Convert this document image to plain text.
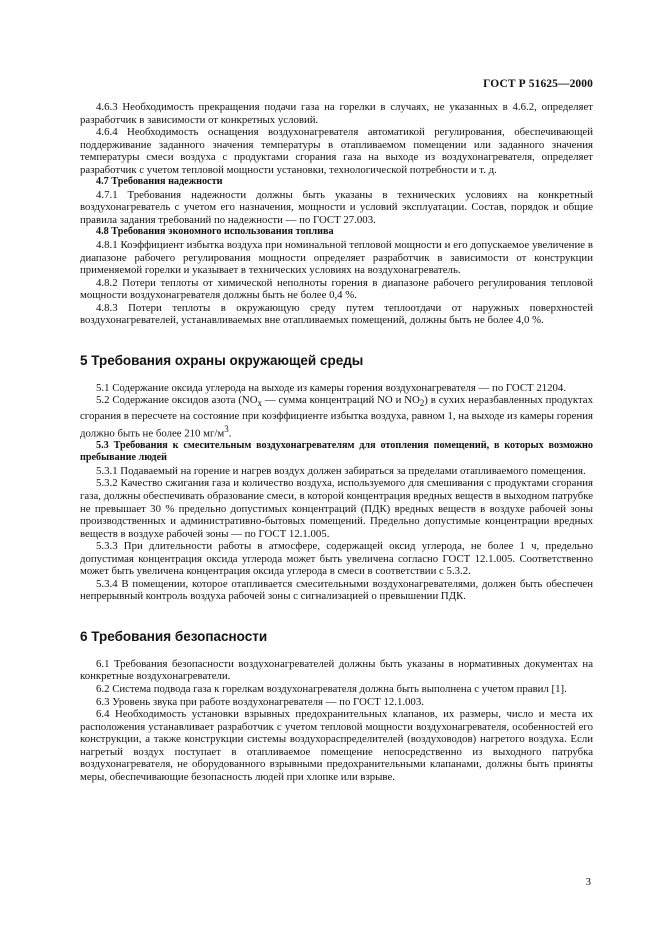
ГОСТ Р 51625—2000

4.6.3 Необходимость прекращения подачи газа на горелки в случаях, не указанных в 4.6.2, определяет разработчик в зависимости от конкретных условий.

4.6.4 Необходимость оснащения воздухонагревателя автоматикой регулирования, обеспечивающей поддерживание заданного значения температуры в отапливаемом помещении или заданного значения температуры смеси воздуха с продуктами сгорания газа на выходе из воздухонагревателя, определяет разработчик с учетом тепловой мощности установки, технологической потребности и т. д.

4.7 Требования надежности

4.7.1 Требования надежности должны быть указаны в технических условиях на конкретный воздухонагреватель с учетом его назначения, мощности и условий эксплуатации. Состав, порядок и общие правила задания требований по надежности — по ГОСТ 27.003.

4.8 Требования экономного использования топлива

4.8.1 Коэффициент избытка воздуха при номинальной тепловой мощности и его допускаемое увеличение в диапазоне рабочего регулирования мощности определяет разработчик в зависимости от конструкции применяемой горелки и указывает в технических условиях на воздухонагреватель.

4.8.2 Потери теплоты от химической неполноты горения в диапазоне рабочего регулирования тепловой мощности воздухонагревателя должны быть не более 0,4 %.

4.8.3 Потери теплоты в окружающую среду путем теплоотдачи от наружных поверхностей воздухонагревателей, устанавливаемых вне отапливаемых помещений, должны быть не более 4,0 %.

5 Требования охраны окружающей среды

5.1 Содержание оксида углерода на выходе из камеры горения воздухонагревателя — по ГОСТ 21204.

5.2 Содержание оксидов азота ($NO_x$ — сумма концентраций NO и $NO_2$) в сухих неразбавленных продуктах сгорания в пересчете на состояние при коэффициенте избытка воздуха, равном 1, на выходе из камеры горения должно быть не более 210 $мг/м^3$.

5.3 Требования к смесительным воздухонагревателям для отопления помещений, в которых возможно пребывание людей

5.3.1 Подаваемый на горение и нагрев воздух должен забираться за пределами отапливаемого помещения.

5.3.2 Качество сжигания газа и количество воздуха, используемого для смешивания с продуктами сгорания газа, должны обеспечивать образование смеси, в которой концентрация вредных веществ в выходном патрубке не превышает 30 % предельно допустимых концентраций (ПДК) вредных веществ в воздухе рабочей зоны производственных и административно-бытовых помещений. Предельно допустимые концентрации вредных веществ в воздухе рабочей зоны — по ГОСТ 12.1.005.

5.3.3 При длительности работы в атмосфере, содержащей оксид углерода, не более 1 ч, предельно допустимая концентрация оксида углерода может быть увеличена согласно ГОСТ 12.1.005. Соответственно может быть увеличена концентрация оксида углерода в смеси в соответствии с 5.3.2.

5.3.4 В помещении, которое отапливается смесительными воздухонагревателями, должен быть обеспечен непрерывный контроль воздуха рабочей зоны с сигнализацией о превышении ПДК.

6 Требования безопасности

6.1 Требования безопасности воздухонагревателей должны быть указаны в нормативных документах на конкретные воздухонагреватели.

6.2 Система подвода газа к горелкам воздухонагревателя должна быть выполнена с учетом правил [1].

6.3 Уровень звука при работе воздухонагревателя — по ГОСТ 12.1.003.

6.4 Необходимость установки взрывных предохранительных клапанов, их размеры, число и места их расположения устанавливает разработчик с учетом тепловой мощности воздухонагревателя, особенностей его конструкции, а также конструкции системы воздухораспределителей (воздуховодов) нагретого воздуха. Если нагретый воздух поступает в отапливаемое помещение непосредственно из выходного патрубка воздухонагревателя, не оборудованного взрывными предохранительными клапанами, должны быть приняты меры, обеспечивающие безопасность людей при хлопке или взрыве.

3
